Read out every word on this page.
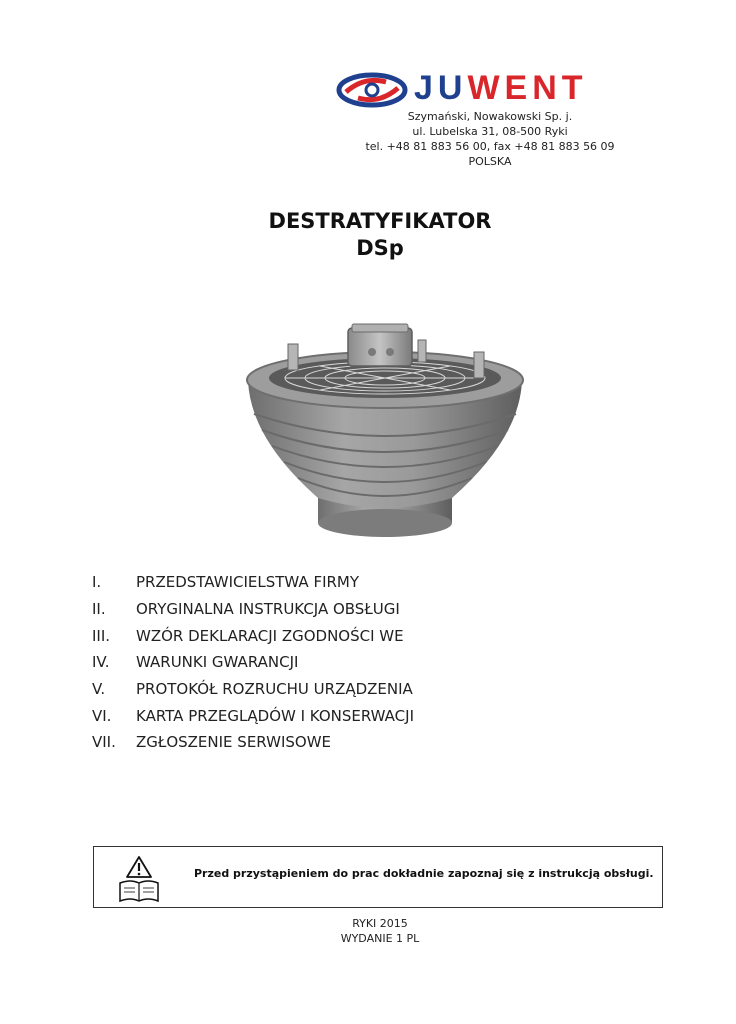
JUWENT
Szymański, Nowakowski Sp. j.
ul. Lubelska 31, 08-500 Ryki
tel. +48 81 883 56 00, fax +48 81 883 56 09
POLSKA
DESTRATYFIKATOR
DSp
I.	PRZEDSTAWICIELSTWA FIRMY
II.	ORYGINALNA INSTRUKCJA OBSŁUGI
III.	WZÓR DEKLARACJI ZGODNOŚCI WE
IV.	WARUNKI GWARANCJI
V.	PROTOKÓŁ ROZRUCHU URZĄDZENIA
VI.	KARTA PRZEGLĄDÓW I KONSERWACJI
VII.	ZGŁOSZENIE SERWISOWE
Przed przystąpieniem do prac dokładnie zapoznaj się z instrukcją obsługi.
RYKI 2015
WYDANIE 1 PL
